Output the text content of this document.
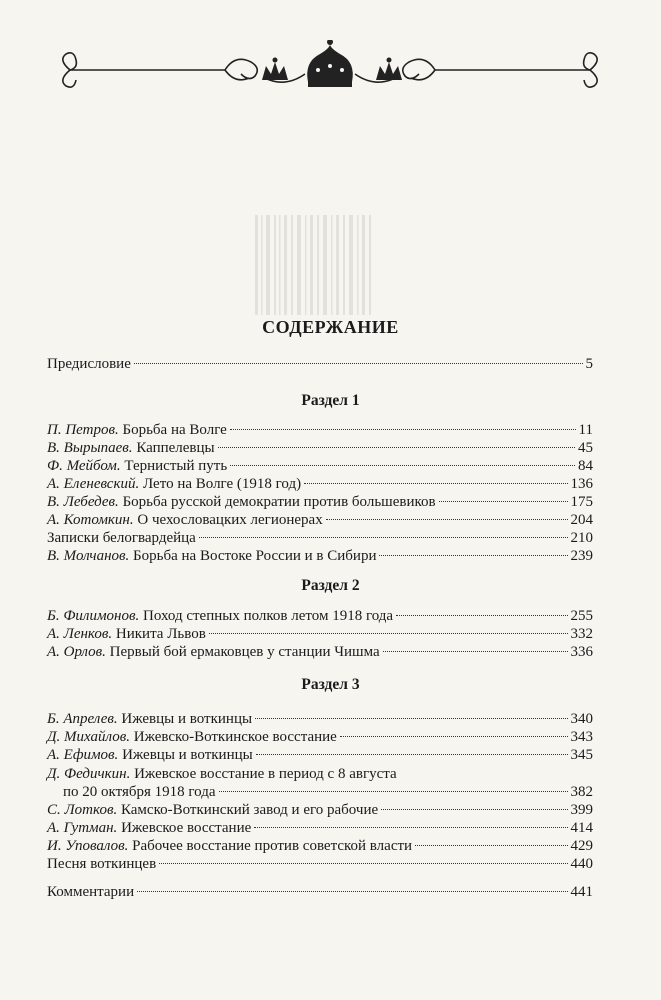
СОДЕРЖАНИЕ
Предисловие	5
Раздел 1
П. Петров. Борьба на Волге	11
В. Вырыпаев. Каппелевцы	45
Ф. Мейбом. Тернистый путь	84
А. Еленевский. Лето на Волге (1918 год)	136
В. Лебедев. Борьба русской демократии против большевиков	175
А. Котомкин. О чехословацких легионерах	204
Записки белогвардейца	210
В. Молчанов. Борьба на Востоке России и в Сибири	239
Раздел 2
Б. Филимонов. Поход степных полков летом 1918 года	255
А. Ленков. Никита Львов	332
А. Орлов. Первый бой ермаковцев у станции Чишма	336
Раздел 3
Б. Апрелев. Ижевцы и воткинцы	340
Д. Михайлов. Ижевско-Воткинское восстание	343
А. Ефимов. Ижевцы и воткинцы	345
Д. Федичкин. Ижевское восстание в период с 8 августа
по 20 октября 1918 года	382
С. Лотков. Камско-Воткинский завод и его рабочие	399
А. Гутман. Ижевское восстание	414
И. Уповалов. Рабочее восстание против советской власти	429
Песня воткинцев	440
Комментарии	441
